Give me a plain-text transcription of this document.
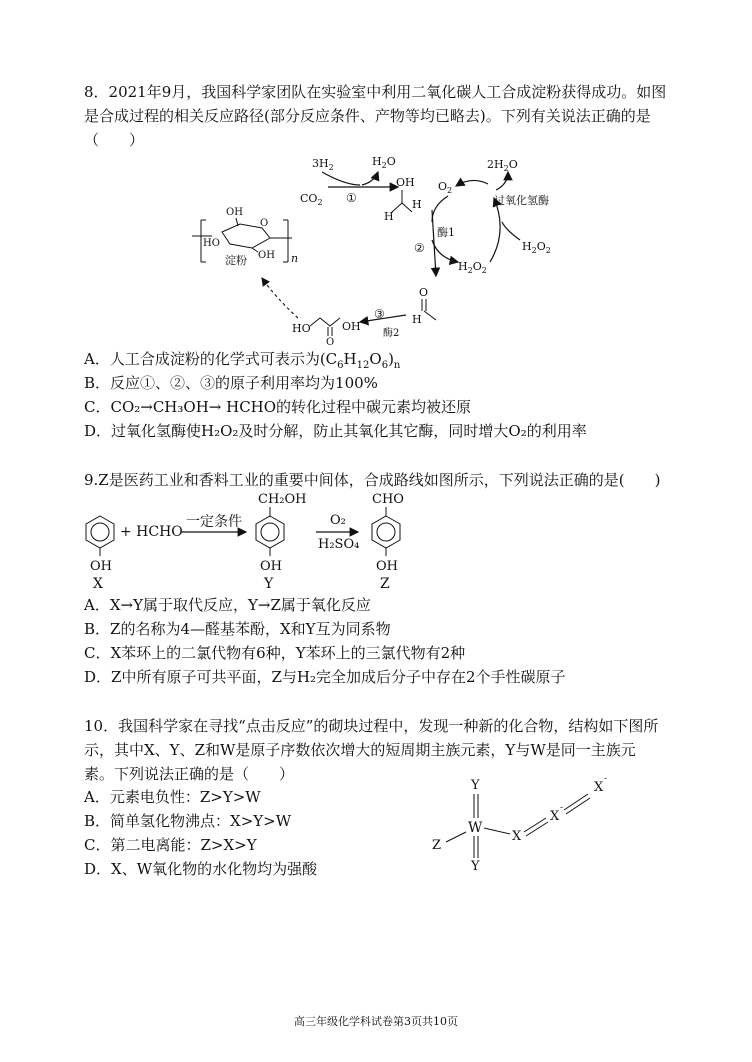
8．2021年9月，我国科学家团队在实验室中利用二氧化碳人工合成淀粉获得成功。如图
是合成过程的相关反应路径(部分反应条件、产物等均已略去)。下列有关说法正确的是
（　　）
$3H_2$	$H_2O$
$CO_2$ ①
OH
H
H
②
酶1
$O_2$
$H_2O_2$
过氧化氢酶
$2H_2O$
$H_2O_2$
O
H
③
酶2
HO
O
OH
O
OH
HO
OH n
淀粉
A．人工合成淀粉的化学式可表示为$(C_6H_{12}O_6)_n$
B．反应①、②、③的原子利用率均为100%
C．CO₂→CH₃OH→ HCHO的转化过程中碳元素均被还原
D．过氧化氢酶使H₂O₂及时分解，防止其氧化其它酶，同时增大O₂的利用率
9.Z是医药工业和香料工业的重要中间体，合成路线如图所示，下列说法正确的是(　　)
OH
X
+ HCHO
一定条件
CH₂OH
OH
Y
O₂
H₂SO₄
CHO
OH
Z
A．X→Y属于取代反应，Y→Z属于氧化反应
B．Z的名称为4—醛基苯酚，X和Y互为同系物
C．X苯环上的二氯代物有6种，Y苯环上的三氯代物有2种
D．Z中所有原子可共平面，Z与H₂完全加成后分子中存在2个手性碳原子
10．我国科学家在寻找“点击反应”的砌块过程中，发现一种新的化合物，结构如下图所
示，其中X、Y、Z和W是原子序数依次增大的短周期主族元素，Y与W是同一主族元
素。下列说法正确的是（　　）
A．元素电负性：Z>Y>W
B．简单氢化物沸点：X>Y>W
C．第二电离能：Z>X>Y
D．X、W氧化物的水化物均为强酸
Y
W
Y
Z
X
X
-
X
-
高三年级化学科试卷第3页共10页
